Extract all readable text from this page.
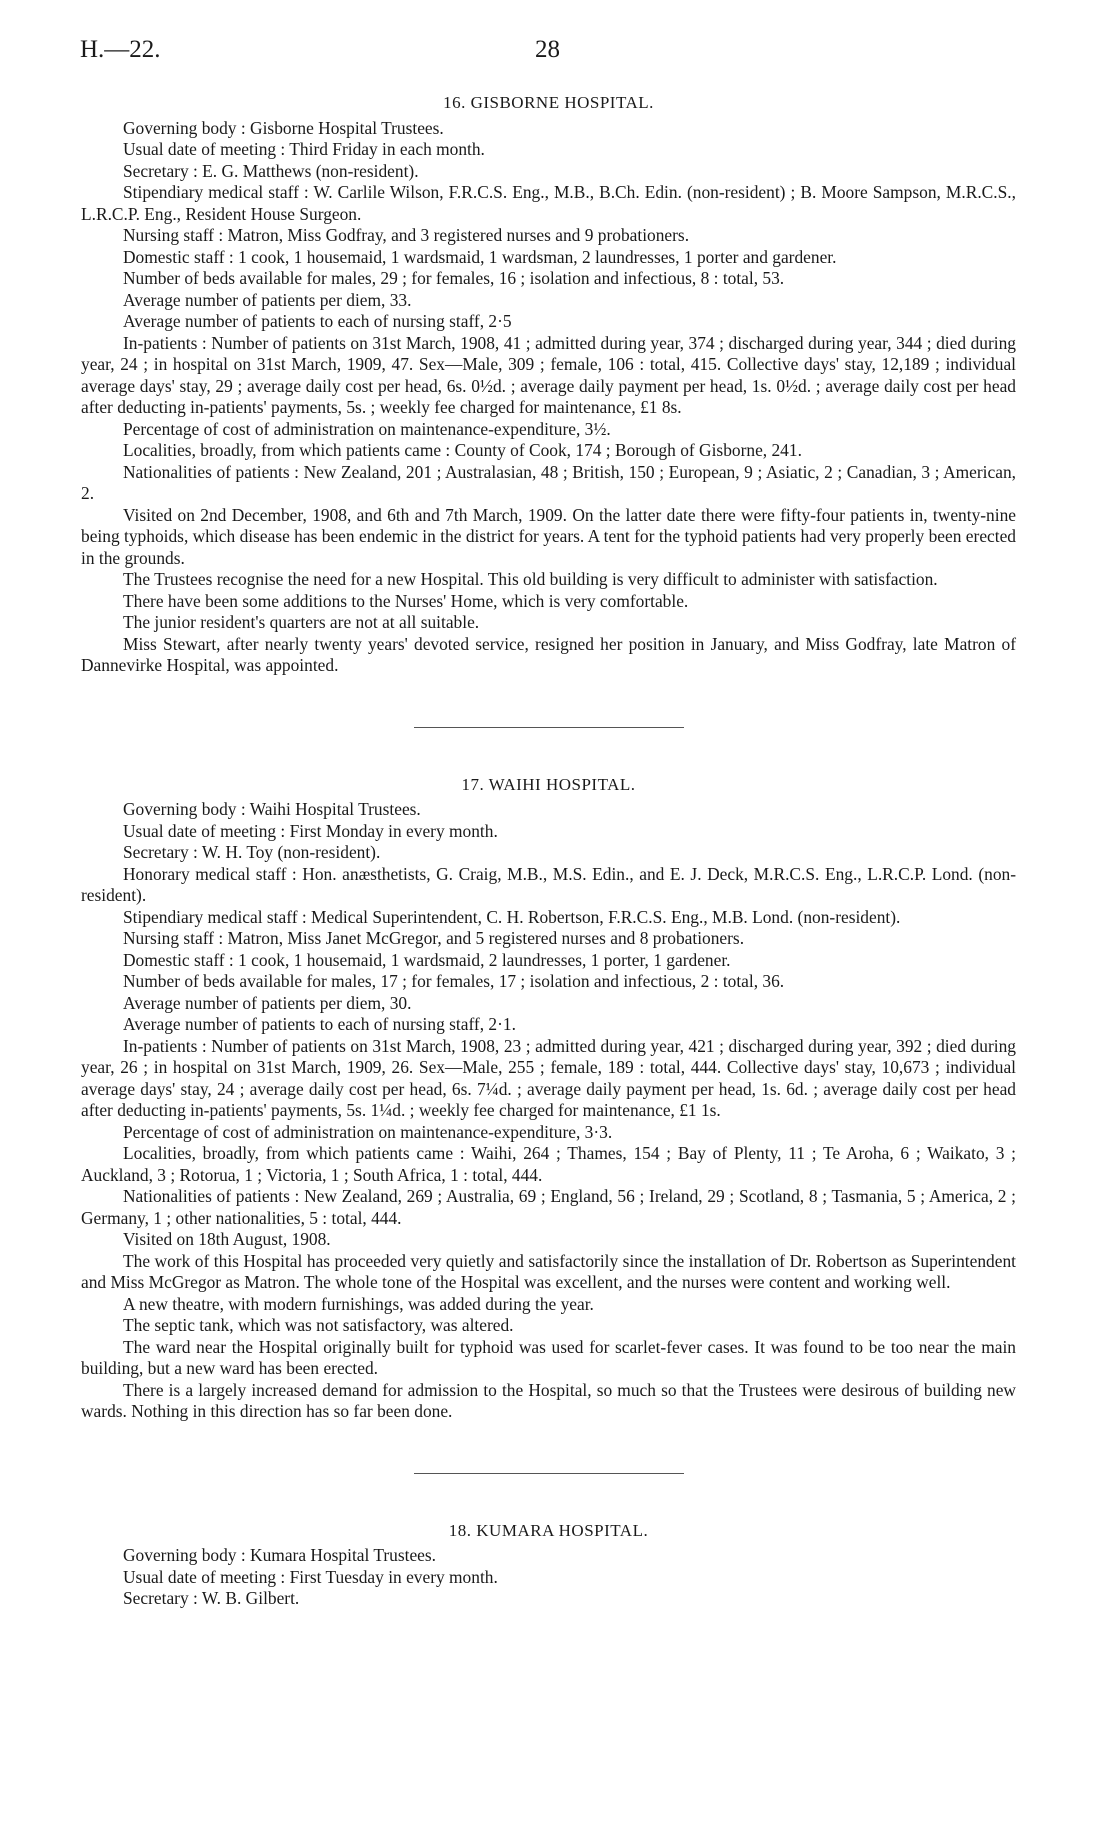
H.—22.	28
16. GISBORNE HOSPITAL.

Governing body : Gisborne Hospital Trustees.

Usual date of meeting : Third Friday in each month.

Secretary : E. G. Matthews (non-resident).

Stipendiary medical staff : W. Carlile Wilson, F.R.C.S. Eng., M.B., B.Ch. Edin. (non-resident) ; B. Moore Sampson, M.R.C.S., L.R.C.P. Eng., Resident House Surgeon.

Nursing staff : Matron, Miss Godfray, and 3 registered nurses and 9 probationers.

Domestic staff : 1 cook, 1 housemaid, 1 wardsmaid, 1 wardsman, 2 laundresses, 1 porter and gardener.

Number of beds available for males, 29 ; for females, 16 ; isolation and infectious, 8 : total, 53.

Average number of patients per diem, 33.

Average number of patients to each of nursing staff, 2·5

In-patients : Number of patients on 31st March, 1908, 41 ; admitted during year, 374 ; discharged during year, 344 ; died during year, 24 ; in hospital on 31st March, 1909, 47. Sex—Male, 309 ; female, 106 : total, 415. Collective days' stay, 12,189 ; individual average days' stay, 29 ; average daily cost per head, 6s. 0½d. ; average daily payment per head, 1s. 0½d. ; average daily cost per head after deducting in-patients' payments, 5s. ; weekly fee charged for maintenance, £1 8s.

Percentage of cost of administration on maintenance-expenditure, 3½.

Localities, broadly, from which patients came : County of Cook, 174 ; Borough of Gisborne, 241.

Nationalities of patients : New Zealand, 201 ; Australasian, 48 ; British, 150 ; European, 9 ; Asiatic, 2 ; Canadian, 3 ; American, 2.

Visited on 2nd December, 1908, and 6th and 7th March, 1909. On the latter date there were fifty-four patients in, twenty-nine being typhoids, which disease has been endemic in the district for years. A tent for the typhoid patients had very properly been erected in the grounds.

The Trustees recognise the need for a new Hospital. This old building is very difficult to administer with satisfaction.

There have been some additions to the Nurses' Home, which is very comfortable.

The junior resident's quarters are not at all suitable.

Miss Stewart, after nearly twenty years' devoted service, resigned her position in January, and Miss Godfray, late Matron of Dannevirke Hospital, was appointed.

17. WAIHI HOSPITAL.

Governing body : Waihi Hospital Trustees.

Usual date of meeting : First Monday in every month.

Secretary : W. H. Toy (non-resident).

Honorary medical staff : Hon. anæsthetists, G. Craig, M.B., M.S. Edin., and E. J. Deck, M.R.C.S. Eng., L.R.C.P. Lond. (non-resident).

Stipendiary medical staff : Medical Superintendent, C. H. Robertson, F.R.C.S. Eng., M.B. Lond. (non-resident).

Nursing staff : Matron, Miss Janet McGregor, and 5 registered nurses and 8 probationers.

Domestic staff : 1 cook, 1 housemaid, 1 wardsmaid, 2 laundresses, 1 porter, 1 gardener.

Number of beds available for males, 17 ; for females, 17 ; isolation and infectious, 2 : total, 36.

Average number of patients per diem, 30.

Average number of patients to each of nursing staff, 2·1.

In-patients : Number of patients on 31st March, 1908, 23 ; admitted during year, 421 ; discharged during year, 392 ; died during year, 26 ; in hospital on 31st March, 1909, 26. Sex—Male, 255 ; female, 189 : total, 444. Collective days' stay, 10,673 ; individual average days' stay, 24 ; average daily cost per head, 6s. 7¼d. ; average daily payment per head, 1s. 6d. ; average daily cost per head after deducting in-patients' payments, 5s. 1¼d. ; weekly fee charged for maintenance, £1 1s.

Percentage of cost of administration on maintenance-expenditure, 3·3.

Localities, broadly, from which patients came : Waihi, 264 ; Thames, 154 ; Bay of Plenty, 11 ; Te Aroha, 6 ; Waikato, 3 ; Auckland, 3 ; Rotorua, 1 ; Victoria, 1 ; South Africa, 1 : total, 444.

Nationalities of patients : New Zealand, 269 ; Australia, 69 ; England, 56 ; Ireland, 29 ; Scotland, 8 ; Tasmania, 5 ; America, 2 ; Germany, 1 ; other nationalities, 5 : total, 444.

Visited on 18th August, 1908.

The work of this Hospital has proceeded very quietly and satisfactorily since the installation of Dr. Robertson as Superintendent and Miss McGregor as Matron. The whole tone of the Hospital was excellent, and the nurses were content and working well.

A new theatre, with modern furnishings, was added during the year.

The septic tank, which was not satisfactory, was altered.

The ward near the Hospital originally built for typhoid was used for scarlet-fever cases. It was found to be too near the main building, but a new ward has been erected.

There is a largely increased demand for admission to the Hospital, so much so that the Trustees were desirous of building new wards. Nothing in this direction has so far been done.

18. KUMARA HOSPITAL.

Governing body : Kumara Hospital Trustees.

Usual date of meeting : First Tuesday in every month.

Secretary : W. B. Gilbert.
